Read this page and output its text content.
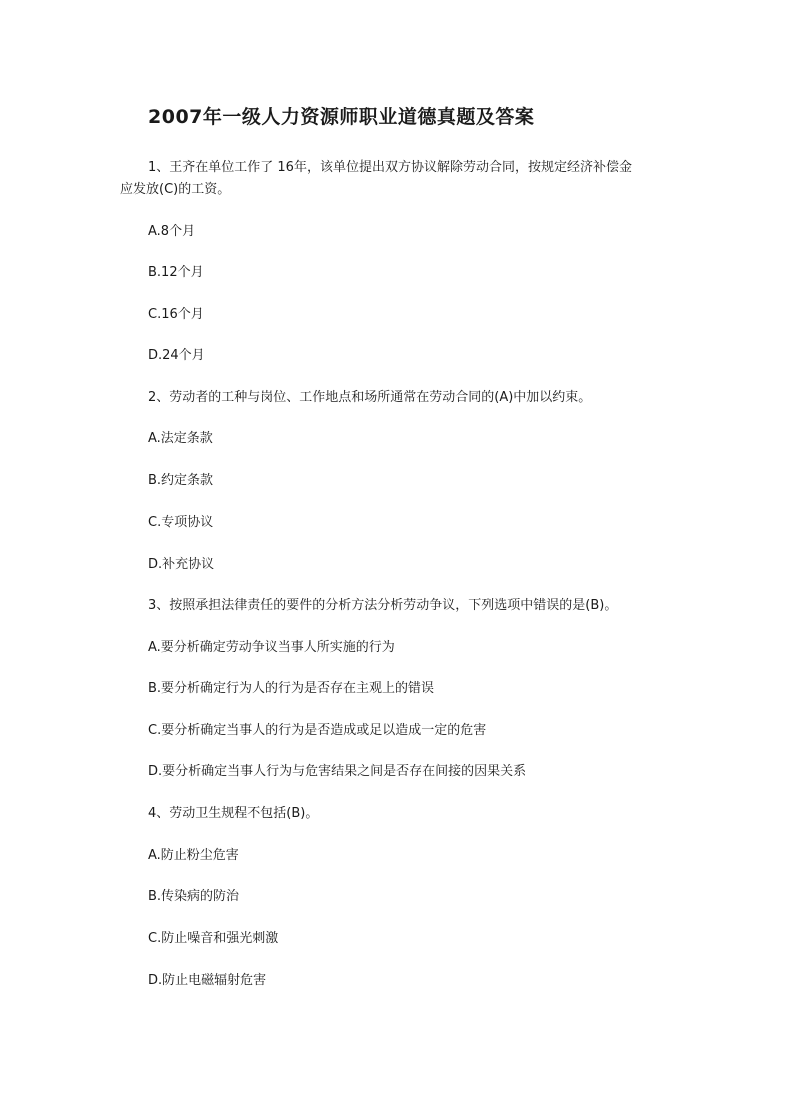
2007年一级人力资源师职业道德真题及答案
1、王齐在单位工作了 16年，该单位提出双方协议解除劳动合同，按规定经济补偿金
应发放(C)的工资。
A.8个月
B.12个月
C.16个月
D.24个月
2、劳动者的工种与岗位、工作地点和场所通常在劳动合同的(A)中加以约束。
A.法定条款
B.约定条款
C.专项协议
D.补充协议
3、按照承担法律责任的要件的分析方法分析劳动争议，下列选项中错误的是(B)。
A.要分析确定劳动争议当事人所实施的行为
B.要分析确定行为人的行为是否存在主观上的错误
C.要分析确定当事人的行为是否造成或足以造成一定的危害
D.要分析确定当事人行为与危害结果之间是否存在间接的因果关系
4、劳动卫生规程不包括(B)。
A.防止粉尘危害
B.传染病的防治
C.防止噪音和强光刺激
D.防止电磁辐射危害
